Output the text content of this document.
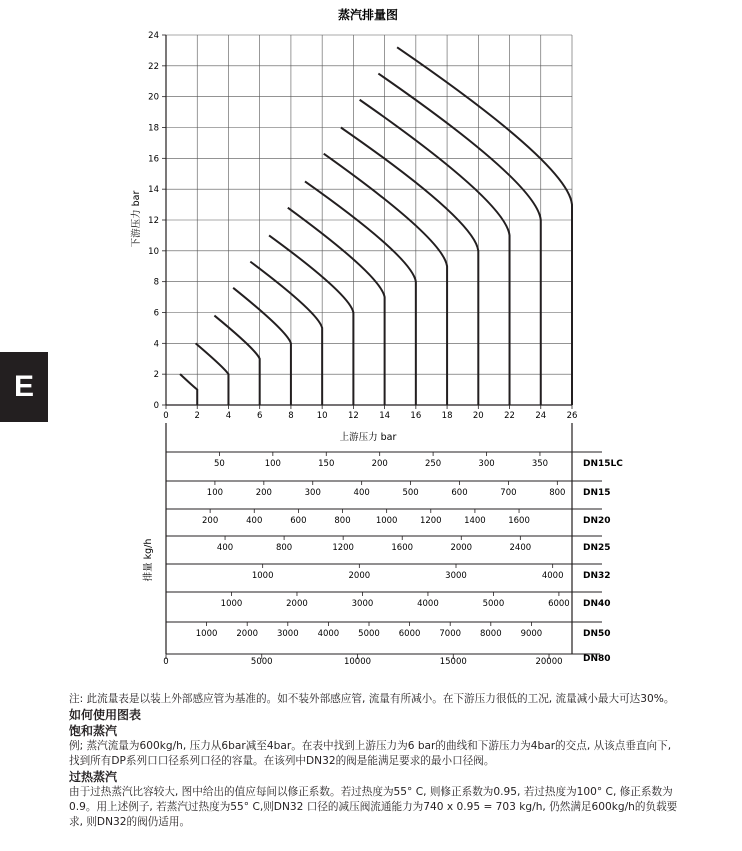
蒸汽排量图
0	2	4	6	8	10 12 14 16 18 20 22 24 26
0
2
4
6
8
10
12
14
16
18
20
22
24
上游压力 bar
下游压力 bar
50	100	150	200	250	300	350	DN15LC
100	200	300	400	500	600	700	800 DN15
200	400	600	800	1000	1200	1400	1600	DN20
400	800	1200	1600	2000	2400	DN25
1000	2000	3000	4000 DN32
1000	2000	3000	4000	5000	6000 DN40
1000 2000 3000 4000 5000 6000 7000 8000 9000	DN50
0	5000	10000	15000	20000 DN80
排量 kg/h
E

注: 此流量表是以装上外部感应管为基准的。如不装外部感应管, 流量有所减小。在下游压力很低的工况, 流量减小最大可达30%。

如何使用图表
饱和蒸汽

例; 蒸汽流量为600kg/h, 压力从6bar减至4bar。在表中找到上游压力为6 bar的曲线和下游压力为4bar的交点, 从该点垂直向下, 找到所有DP系列口口径系列口径的容量。在该列中DN32的阀是能满足要求的最小口径阀。

过热蒸汽

由于过热蒸汽比容较大, 图中给出的值应每间以修正系数。若过热度为55° C, 则修正系数为0.95, 若过热度为100° C, 修正系数为0.9。用上述例子, 若蒸汽过热度为55° C,则DN32 口径的减压阀流通能力为740 x 0.95 = 703 kg/h, 仍然满足600kg/h的负载要求, 则DN32的阀仍适用。
